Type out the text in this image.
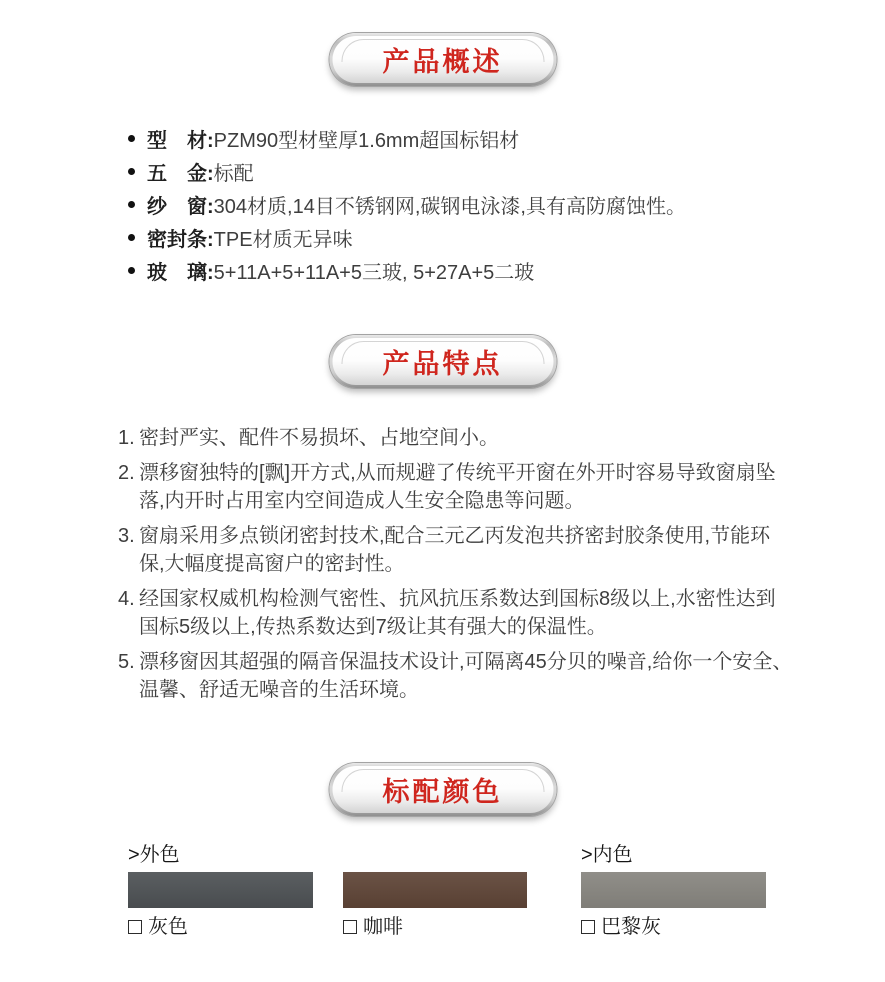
产品概述
型　材: PZM90型材壁厚1.6mm超国标铝材
五　金: 标配
纱　窗: 304材质,14目不锈钢网,碳钢电泳漆,具有高防腐蚀性。
密封条: TPE材质无异味
玻　璃: 5+11A+5+11A+5三玻, 5+27A+5二玻
产品特点
1. 密封严实、配件不易损坏、占地空间小。
2. 漂移窗独特的[飘]开方式,从而规避了传统平开窗在外开时容易导致窗扇坠落,内开时占用室内空间造成人生安全隐患等问题。
3. 窗扇采用多点锁闭密封技术,配合三元乙丙发泡共挤密封胶条使用,节能环保,大幅度提高窗户的密封性。
4. 经国家权威机构检测气密性、抗风抗压系数达到国标8级以上,水密性达到国标5级以上,传热系数达到7级让其有强大的保温性。
5. 漂移窗因其超强的隔音保温技术设计,可隔离45分贝的噪音,给你一个安全、温馨、舒适无噪音的生活环境。
标配颜色
>外色	>内色
灰色	咖啡	巴黎灰
